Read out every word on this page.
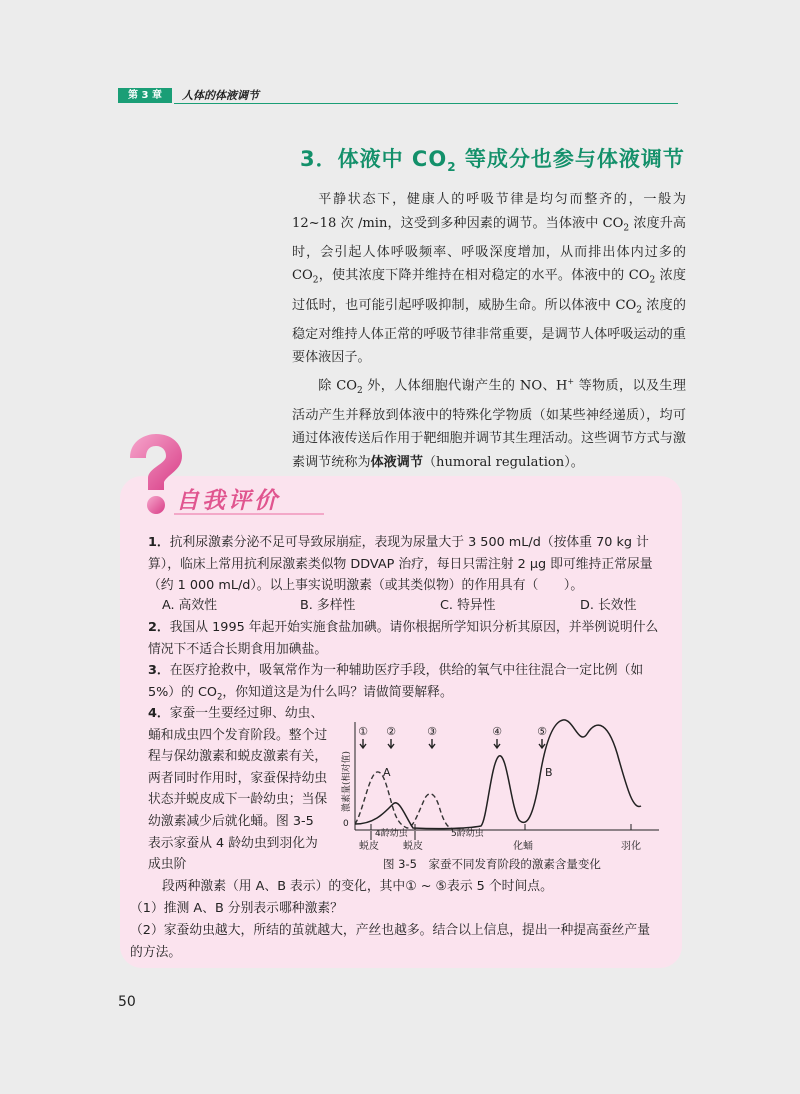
第 3 章	人体的体液调节
3．体液中 $CO_2$ 等成分也参与体液调节

平静状态下，健康人的呼吸节律是均匀而整齐的，一般为 12~18 次 /min，这受到多种因素的调节。当体液中 $CO_2$ 浓度升高时，会引起人体呼吸频率、呼吸深度增加，从而排出体内过多的 $CO_2$，使其浓度下降并维持在相对稳定的水平。体液中的 $CO_2$ 浓度过低时，也可能引起呼吸抑制，威胁生命。所以体液中 $CO_2$ 浓度的稳定对维持人体正常的呼吸节律非常重要，是调节人体呼吸运动的重要体液因子。

除 $CO_2$ 外，人体细胞代谢产生的 NO、H+ 等物质，以及生理活动产生并释放到体液中的特殊化学物质（如某些神经递质），均可通过体液传送后作用于靶细胞并调节其生理活动。这些调节方式与激素调节统称为体液调节（humoral regulation）。

自我评价
1．抗利尿激素分泌不足可导致尿崩症，表现为尿量大于 3 500 mL/d（按体重 70 kg 计算），临床上常用抗利尿激素类似物 DDVAP 治疗，每日只需注射 2 μg 即可维持正常尿量（约 1 000 mL/d）。以上事实说明激素（或其类似物）的作用具有（　　）。
A. 高效性	B. 多样性	C. 特异性	D. 长效性
2．我国从 1995 年起开始实施食盐加碘。请你根据所学知识分析其原因，并举例说明什么情况下不适合长期食用加碘盐。
3．在医疗抢救中，吸氧常作为一种辅助医疗手段，供给的氧气中往往混合一定比例（如 5%）的 $CO_2$，你知道这是为什么吗？请做简要解释。
4．家蚕一生要经过卵、幼虫、蛹和成虫四个发育阶段。整个过程与保幼激素和蜕皮激素有关，两者同时作用时，家蚕保持幼虫状态并蜕皮成下一龄幼虫；当保幼激素减少后就化蛹。图 3-5 表示家蚕从 4 龄幼虫到羽化为成虫阶
段两种激素（用 A、B 表示）的变化，其中① ~ ⑤表示 5 个时间点。
（1）推测 A、B 分别表示哪种激素？
（2）家蚕幼虫越大，所结的茧就越大，产丝也越多。结合以上信息，提出一种提高蚕丝产量的方法。
0
激素量(相对值)
① ②	③	④	⑤
A	B
4龄幼虫	5龄幼虫
蜕皮 蜕皮	化蛹	羽化
图 3-5　家蚕不同发育阶段的激素含量变化
50
